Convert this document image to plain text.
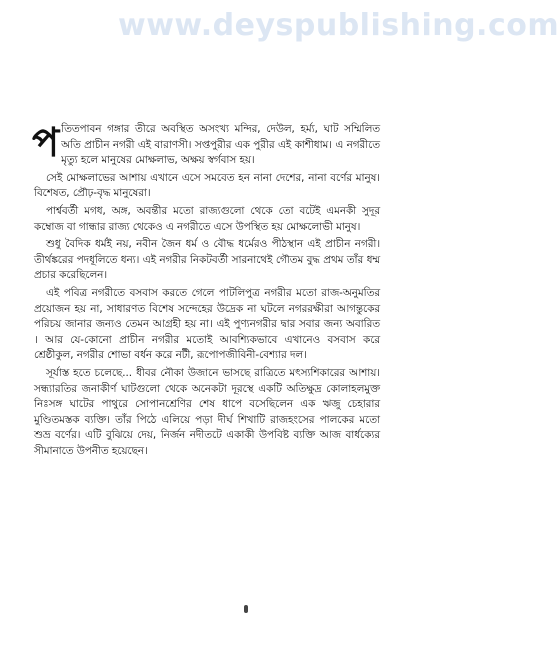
www.deyspublishing.com

পতিতপাবন গঙ্গার তীরে অবস্থিত অসংখ্য মন্দির, দেউল, হর্ম্য, ঘাট সম্মিলিত অতি প্রাচীন নগরী এই বারাণসী। সপ্তপুরীর এক পুরীর এই কাশীধাম। এ নগরীতে মৃত্যু হলে মানুষের মোক্ষলাভ, অক্ষয় স্বর্গবাস হয়।

সেই মোক্ষলাভের আশায় এখানে এসে সমবেত হন নানা দেশের, নানা বর্ণের মানুষ। বিশেষত, প্রৌঢ়-বৃদ্ধ মানুষেরা।

পার্শ্ববর্তী মগধ, অঙ্গ, অবন্তীর মতো রাজ্যগুলো থেকে তো বটেই এমনকী সুদূর কম্বোজ বা গান্ধার রাজ্য থেকেও এ নগরীতে এসে উপস্থিত হয় মোক্ষলোভী মানুষ।

শুধু বৈদিক ধর্মই নয়, নবীন জৈন ধর্ম ও বৌদ্ধ ধর্মেরও পীঠস্থান এই প্রাচীন নগরী। তীর্থঙ্করের পদধূলিতে ধন্য। এই নগরীর নিকটবর্তী সারনাথেই গৌতম বুদ্ধ প্রথম তাঁর ধম্ম প্রচার করেছিলেন।

এই পবিত্র নগরীতে বসবাস করতে গেলে পাটলিপুত্র নগরীর মতো রাজ-অনুমতির প্রয়োজন হয় না, সাধারণত বিশেষ সন্দেহের উদ্রেক না ঘটলে নগররক্ষীরা আগন্তুকের পরিচয় জানার জন্যও তেমন আগ্রহী হয় না। এই পুণ্যনগরীর দ্বার সবার জন্য অবারিত । আর যে-কোনো প্রাচীন নগরীর মতোই আবশ্যিকভাবে এখানেও বসবাস করে শ্রেষ্ঠীকুল, নগরীর শোভা বর্ধন করে নটী, রূপোপজীবিনী-বেশ্যার দল।

সূর্যাস্ত হতে চলেছে... ধীবর নৌকা উজানে ভাসছে রাত্রিতে মৎস্যশিকারের আশায়। সন্ধ্যারতির জনাকীর্ণ ঘাটগুলো থেকে অনেকটা দূরস্থে একটি অতিক্ষুদ্র কোলাহলমুক্ত নিঃসঙ্গ ঘাটের পাথুরে সোপানশ্রেণির শেষ ধাপে বসেছিলেন এক ঋজু চেহারার মুণ্ডিতমস্তক ব্যক্তি। তাঁর পিঠে এলিয়ে পড়া দীর্ঘ শিখাটি রাজহংসের পালকের মতো শুভ্র বর্ণের। এটি বুঝিয়ে দেয়, নির্জন নদীতটে একাকী উপবিষ্ট ব্যক্তি আজ বার্ধক্যের সীমানাতে উপনীত হয়েছেন।
